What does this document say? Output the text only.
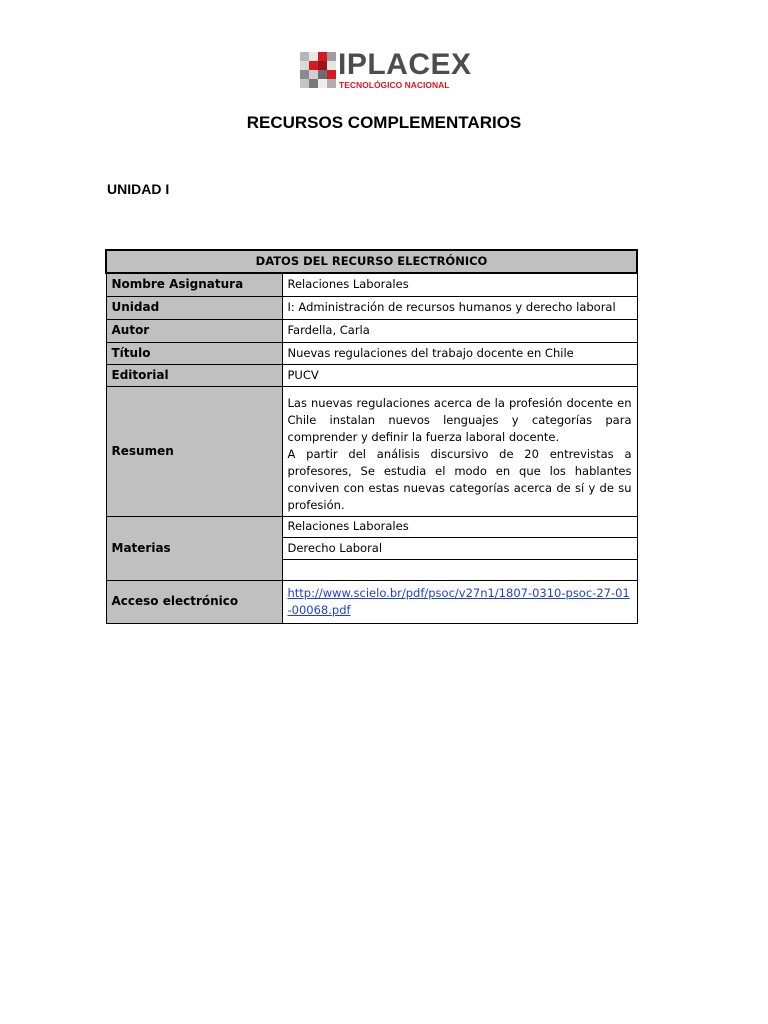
IPLACEX
TECNOLÓGICO NACIONAL
RECURSOS COMPLEMENTARIOS
UNIDAD I
DATOS DEL RECURSO ELECTRÓNICO	
Nombre Asignatura	Relaciones Laborales
Unidad	I: Administración de recursos humanos y derecho laboral
Autor	Fardella, Carla
Título	Nuevas regulaciones del trabajo docente en Chile
Editorial	PUCV
Resumen	Las nuevas regulaciones acerca de la profesión docente en Chile instalan nuevos lenguajes y categorías para comprender y definir la fuerza laboral docente.
A partir del análisis discursivo de 20 entrevistas a profesores, Se estudia el modo en que los hablantes conviven con estas nuevas categorías acerca de sí y de su profesión.
Materias	Relaciones Laborales
	Derecho Laboral

Acceso electrónico	http://www.scielo.br/pdf/psoc/v27n1/1807-0310-psoc-27-01-00068.pdf
